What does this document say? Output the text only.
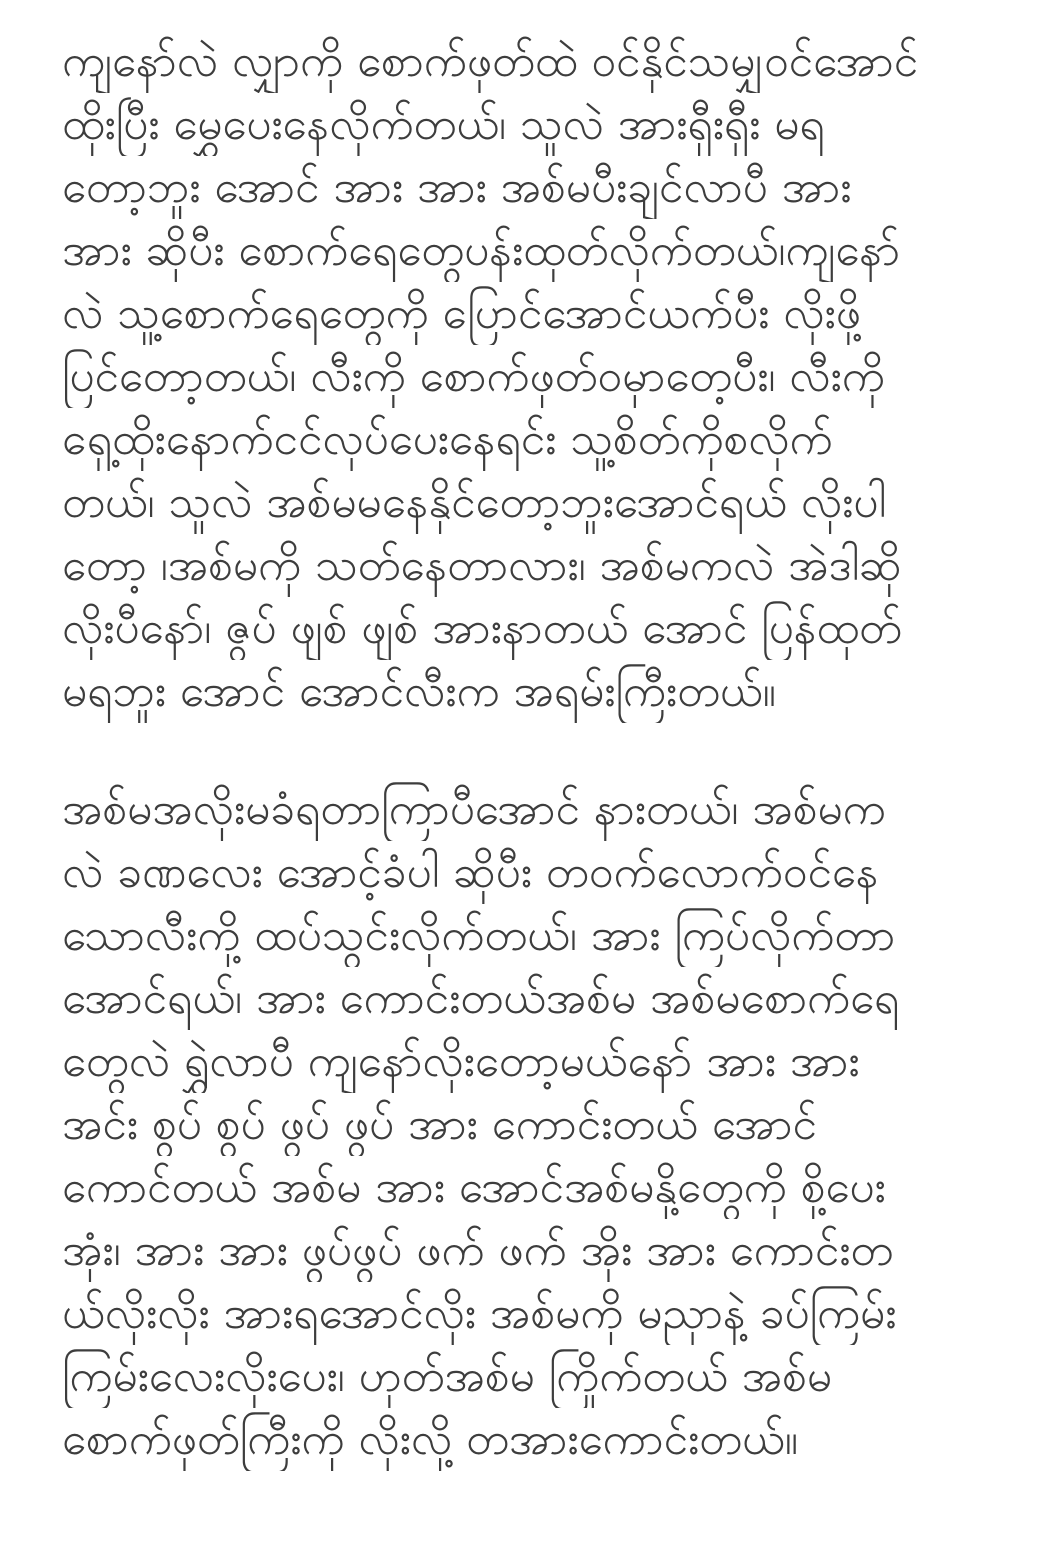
ကျနော်လဲ လျှာကို စောက်ဖုတ်ထဲ ဝင်နိုင်သမျှဝင်အောင်
ထိုးပြီး မွှေပေးနေလိုက်တယ်၊ သူလဲ အားရှီးရှီး မရ
တော့ဘူး အောင် အား အား အစ်မပီးချင်လာပီ အား
အား ဆိုပီး စောက်ရေတွေပန်းထုတ်လိုက်တယ်၊ကျနော်
လဲ သူ့စောက်ရေတွေကို ပြောင်အောင်ယက်ပီး လိုးဖို့
ပြင်တော့တယ်၊ လီးကို စောက်ဖုတ်ဝမှာတေ့ပီး၊ လီးကို
ရှေ့ထိုးနောက်ငင်လုပ်ပေးနေရင်း သူ့စိတ်ကိုစလိုက်
တယ်၊ သူလဲ အစ်မမနေနိုင်တော့ဘူးအောင်ရယ် လိုးပါ
တော့ ၊အစ်မကို သတ်နေတာလား၊ အစ်မကလဲ အဲဒါဆို
လိုးပီနော်၊ ဇွပ် ဖျစ် ဖျစ် အားနာတယ် အောင် ပြန်ထုတ်
မရဘူး အောင် အောင်လီးက အရမ်းကြီးတယ်။

အစ်မအလိုးမခံရတာကြာပီအောင် နားတယ်၊ အစ်မက
လဲ ခဏလေး အောင့်ခံပါ ဆိုပီး တဝက်လောက်ဝင်နေ
သောလီးကို့ ထပ်သွင်းလိုက်တယ်၊ အား ကြပ်လိုက်တာ
အောင်ရယ်၊ အား ကောင်းတယ်အစ်မ အစ်မစောက်ရေ
တွေလဲ ရွှဲလာပီ ကျနော်လိုးတော့မယ်နော် အား အား
အင်း စွပ် စွပ် ဖွပ် ဖွပ် အား ကောင်းတယ် အောင်
ကောင်တယ် အစ်မ အား အောင်အစ်မနို့တွေကို စို့ပေး
အုံး၊ အား အား ဖွပ်ဖွပ် ဖက် ဖက် အိုး အား ကောင်းတ
ယ်လိုးလိုး အားရအောင်လိုး အစ်မကို မညှာနဲ့ ခပ်ကြမ်း
ကြမ်းလေးလိုးပေး၊ ဟုတ်အစ်မ ကြိုက်တယ် အစ်မ
စောက်ဖုတ်ကြီးကို လိုးလို့ တအားကောင်းတယ်။
